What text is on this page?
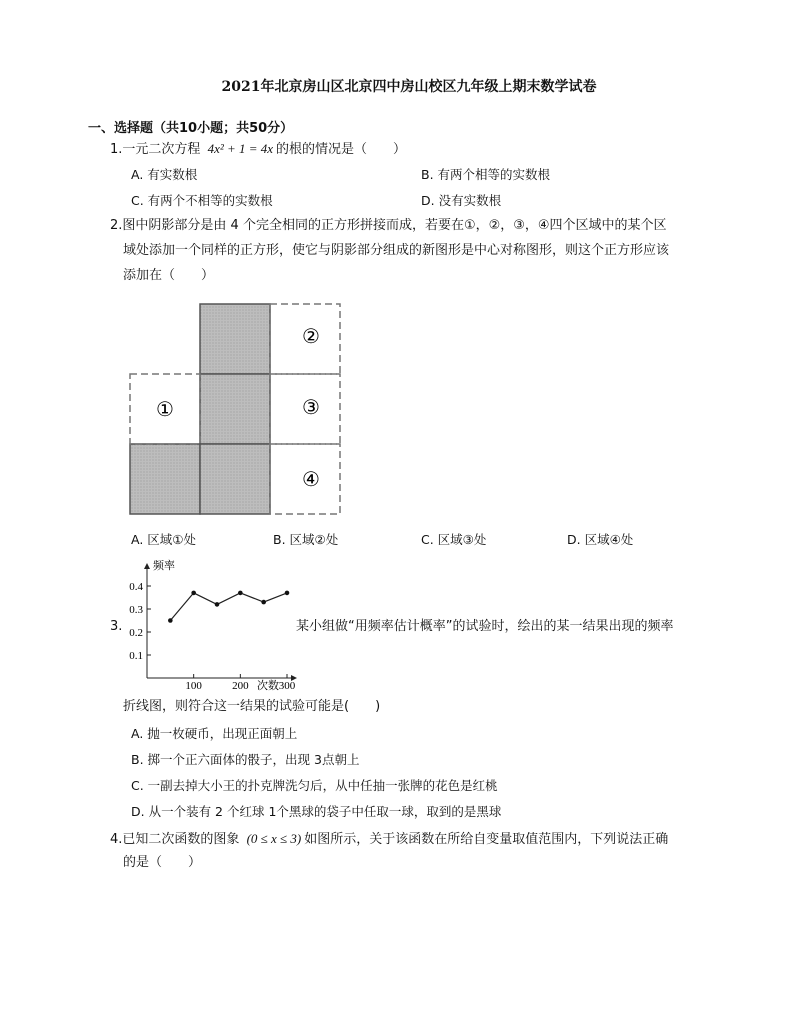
2021年北京房山区北京四中房山校区九年级上期末数学试卷
一、选择题（共10小题；共50分）
1.一元二次方程 4x² + 1 = 4x 的根的情况是（　　）
A. 有实数根	B. 有两个相等的实数根
C. 有两个不相等的实数根	D. 没有实数根
2.图中阴影部分是由 4 个完全相同的正方形拼接而成，若要在①，②，③，④四个区域中的某个区
域处添加一个同样的正方形，使它与阴影部分组成的新图形是中心对称图形，则这个正方形应该
添加在（　　）
①
②
③
④
A. 区域①处	B. 区域②处	C. 区域③处	D. 区域④处
3.
频率
次数
0.1
0.2
0.3
0.4
100	200	300
某小组做“用频率估计概率”的试验时，绘出的某一结果出现的频率
折线图，则符合这一结果的试验可能是(　　)
A. 抛一枚硬币，出现正面朝上
B. 掷一个正六面体的骰子，出现 3点朝上
C. 一副去掉大小王的扑克牌洗匀后，从中任抽一张牌的花色是红桃
D. 从一个装有 2 个红球 1个黑球的袋子中任取一球，取到的是黑球
4.已知二次函数的图象 (0 ≤ x ≤ 3) 如图所示，关于该函数在所给自变量取值范围内，下列说法正确
的是（　　）
